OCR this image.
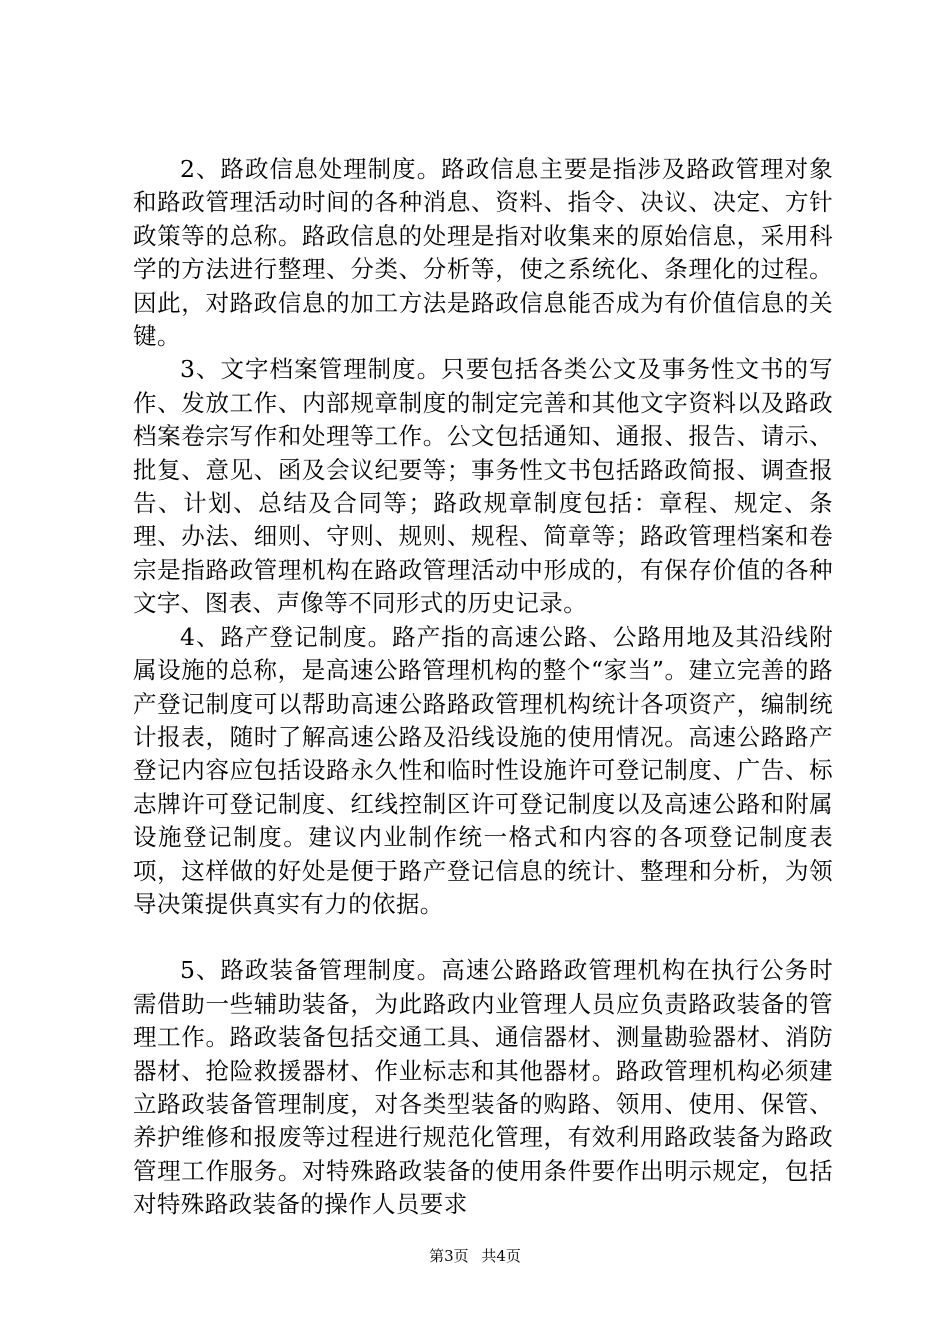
2、路政信息处理制度。路政信息主要是指涉及路政管理对象和路政管理活动时间的各种消息、资料、指令、决议、决定、方针政策等的总称。路政信息的处理是指对收集来的原始信息，采用科学的方法进行整理、分类、分析等，使之系统化、条理化的过程。因此，对路政信息的加工方法是路政信息能否成为有价值信息的关键。

3、文字档案管理制度。只要包括各类公文及事务性文书的写作、发放工作、内部规章制度的制定完善和其他文字资料以及路政档案卷宗写作和处理等工作。公文包括通知、通报、报告、请示、批复、意见、函及会议纪要等；事务性文书包括路政简报、调查报告、计划、总结及合同等；路政规章制度包括：章程、规定、条理、办法、细则、守则、规则、规程、简章等；路政管理档案和卷宗是指路政管理机构在路政管理活动中形成的，有保存价值的各种文字、图表、声像等不同形式的历史记录。

4、路产登记制度。路产指的高速公路、公路用地及其沿线附属设施的总称，是高速公路管理机构的整个“家当”。建立完善的路产登记制度可以帮助高速公路路政管理机构统计各项资产，编制统计报表，随时了解高速公路及沿线设施的使用情况。高速公路路产登记内容应包括设路永久性和临时性设施许可登记制度、广告、标志牌许可登记制度、红线控制区许可登记制度以及高速公路和附属设施登记制度。建议内业制作统一格式和内容的各项登记制度表项，这样做的好处是便于路产登记信息的统计、整理和分析，为领导决策提供真实有力的依据。

5、路政装备管理制度。高速公路路政管理机构在执行公务时需借助一些辅助装备，为此路政内业管理人员应负责路政装备的管理工作。路政装备包括交通工具、通信器材、测量勘验器材、消防器材、抢险救援器材、作业标志和其他器材。路政管理机构必须建立路政装备管理制度，对各类型装备的购路、领用、使用、保管、养护维修和报废等过程进行规范化管理，有效利用路政装备为路政管理工作服务。对特殊路政装备的使用条件要作出明示规定，包括对特殊路政装备的操作人员要求

第3页 共4页
